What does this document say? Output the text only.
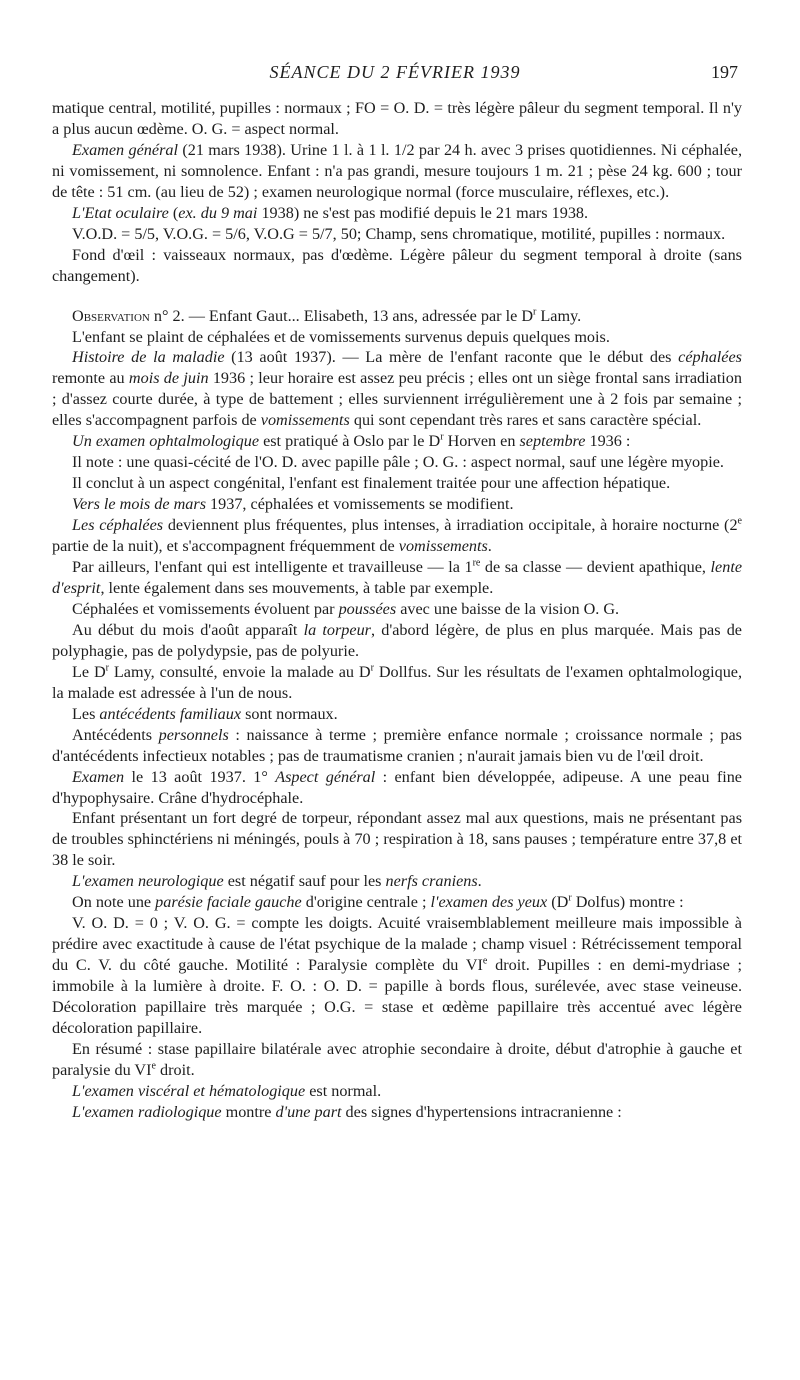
SÉANCE DU 2 FÉVRIER 1939	197

matique central, motilité, pupilles : normaux ; FO = O. D. = très légère pâleur du segment temporal. Il n'y a plus aucun œdème. O. G. = aspect normal.

Examen général (21 mars 1938). Urine 1 l. à 1 l. 1/2 par 24 h. avec 3 prises quotidiennes. Ni céphalée, ni vomissement, ni somnolence. Enfant : n'a pas grandi, mesure toujours 1 m. 21 ; pèse 24 kg. 600 ; tour de tête : 51 cm. (au lieu de 52) ; examen neurologique normal (force musculaire, réflexes, etc.).

L'Etat oculaire (ex. du 9 mai 1938) ne s'est pas modifié depuis le 21 mars 1938.

V.O.D. = 5/5, V.O.G. = 5/6, V.O.G = 5/7, 50; Champ, sens chromatique, motilité, pupilles : normaux.

Fond d'œil : vaisseaux normaux, pas d'œdème. Légère pâleur du segment temporal à droite (sans changement).

Observation n° 2. — Enfant Gaut... Elisabeth, 13 ans, adressée par le $D^r$ Lamy.

L'enfant se plaint de céphalées et de vomissements survenus depuis quelques mois.

Histoire de la maladie (13 août 1937). — La mère de l'enfant raconte que le début des céphalées remonte au mois de juin 1936 ; leur horaire est assez peu précis ; elles ont un siège frontal sans irradiation ; d'assez courte durée, à type de battement ; elles surviennent irrégulièrement une à 2 fois par semaine ; elles s'accompagnent parfois de vomissements qui sont cependant très rares et sans caractère spécial.

Un examen ophtalmologique est pratiqué à Oslo par le $D^r$ Horven en septembre 1936 :

Il note : une quasi-cécité de l'O. D. avec papille pâle ; O. G. : aspect normal, sauf une légère myopie.

Il conclut à un aspect congénital, l'enfant est finalement traitée pour une affection hépatique.

Vers le mois de mars 1937, céphalées et vomissements se modifient.

Les céphalées deviennent plus fréquentes, plus intenses, à irradiation occipitale, à horaire nocturne (2e partie de la nuit), et s'accompagnent fréquemment de vomissements.

Par ailleurs, l'enfant qui est intelligente et travailleuse — la 1re de sa classe — devient apathique, lente d'esprit, lente également dans ses mouvements, à table par exemple.

Céphalées et vomissements évoluent par poussées avec une baisse de la vision O. G.

Au début du mois d'août apparaît la torpeur, d'abord légère, de plus en plus marquée. Mais pas de polyphagie, pas de polydypsie, pas de polyurie.

Le $D^r$ Lamy, consulté, envoie la malade au $D^r$ Dollfus. Sur les résultats de l'examen ophtalmologique, la malade est adressée à l'un de nous.

Les antécédents familiaux sont normaux.

Antécédents personnels : naissance à terme ; première enfance normale ; croissance normale ; pas d'antécédents infectieux notables ; pas de traumatisme cranien ; n'aurait jamais bien vu de l'œil droit.

Examen le 13 août 1937. 1° Aspect général : enfant bien développée, adipeuse. A une peau fine d'hypophysaire. Crâne d'hydrocéphale.

Enfant présentant un fort degré de torpeur, répondant assez mal aux questions, mais ne présentant pas de troubles sphinctériens ni méningés, pouls à 70 ; respiration à 18, sans pauses ; température entre 37,8 et 38 le soir.

L'examen neurologique est négatif sauf pour les nerfs craniens.

On note une parésie faciale gauche d'origine centrale ; l'examen des yeux ($D^r$ Dolfus) montre :

V. O. D. = 0 ; V. O. G. = compte les doigts. Acuité vraisemblablement meilleure mais impossible à prédire avec exactitude à cause de l'état psychique de la malade ; champ visuel : Rétrécissement temporal du C. V. du côté gauche. Motilité : Paralysie complète du VIe droit. Pupilles : en demi-mydriase ; immobile à la lumière à droite. F. O. : O. D. = papille à bords flous, surélevée, avec stase veineuse. Décoloration papillaire très marquée ; O.G. = stase et œdème papillaire très accentué avec légère décoloration papillaire.

En résumé : stase papillaire bilatérale avec atrophie secondaire à droite, début d'atrophie à gauche et paralysie du VIe droit.

L'examen viscéral et hématologique est normal.

L'examen radiologique montre d'une part des signes d'hypertensions intracranienne :
